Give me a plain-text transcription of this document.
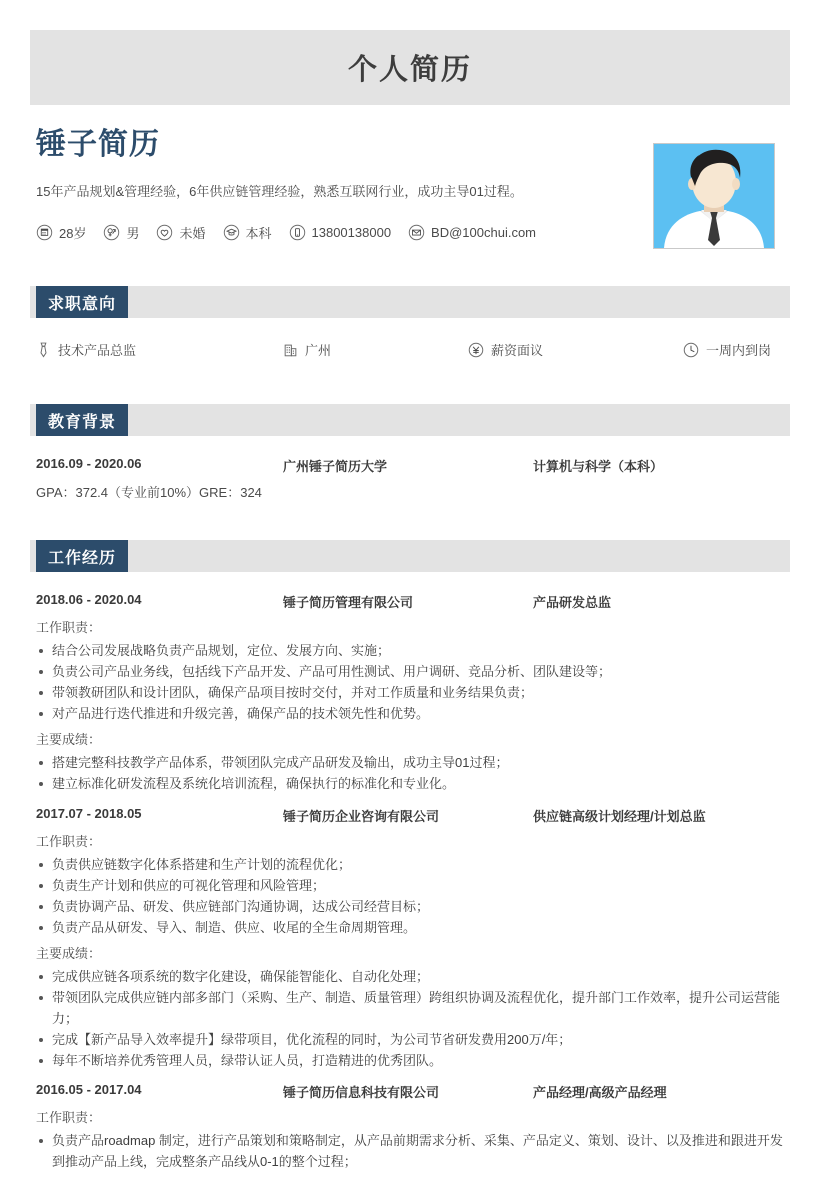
个人简历
锤子简历
15年产品规划&管理经验，6年供应链管理经验，熟悉互联网行业，成功主导01过程。
28岁	男	未婚	本科	13800138000	BD@100chui.com
求职意向
技术产品总监	广州	薪资面议	一周内到岗
教育背景
2016.09 - 2020.06	广州锤子简历大学	计算机与科学（本科）
GPA：372.4（专业前10%）GRE：324
工作经历
2018.06 - 2020.04	锤子简历管理有限公司	产品研发总监
工作职责：
结合公司发展战略负责产品规划，定位、发展方向、实施；
负责公司产品业务线，包括线下产品开发、产品可用性测试、用户调研、竞品分析、团队建设等；
带领教研团队和设计团队，确保产品项目按时交付，并对工作质量和业务结果负责；
对产品进行迭代推进和升级完善，确保产品的技术领先性和优势。
主要成绩：
搭建完整科技教学产品体系，带领团队完成产品研发及输出，成功主导01过程；
建立标准化研发流程及系统化培训流程，确保执行的标准化和专业化。
2017.07 - 2018.05	锤子简历企业咨询有限公司	供应链高级计划经理/计划总监
工作职责：
负责供应链数字化体系搭建和生产计划的流程优化；
负责生产计划和供应的可视化管理和风险管理；
负责协调产品、研发、供应链部门沟通协调，达成公司经营目标；
负责产品从研发、导入、制造、供应、收尾的全生命周期管理。
主要成绩：
完成供应链各项系统的数字化建设，确保能智能化、自动化处理；
带领团队完成供应链内部多部门（采购、生产、制造、质量管理）跨组织协调及流程优化，提升部门工作效率，提升公司运营能力；
完成【新产品导入效率提升】绿带项目，优化流程的同时，为公司节省研发费用200万/年；
每年不断培养优秀管理人员，绿带认证人员，打造精进的优秀团队。
2016.05 - 2017.04	锤子简历信息科技有限公司	产品经理/高级产品经理
工作职责：
负责产品roadmap 制定，进行产品策划和策略制定，从产品前期需求分析、采集、产品定义、策划、设计、以及推进和跟进开发到推动产品上线，完成整条产品线从0-1的整个过程；
